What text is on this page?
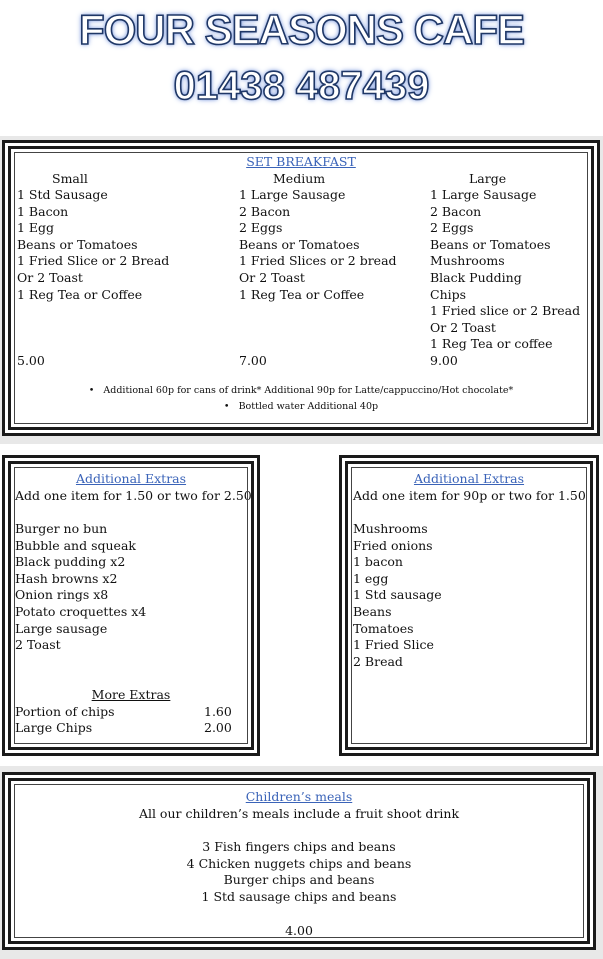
FOUR SEASONS CAFE
01438 487439
SET BREAKFAST
Small
1 Std Sausage
1 Bacon
1 Egg
Beans or Tomatoes
1 Fried Slice or 2 Bread
Or 2 Toast
1 Reg Tea or Coffee
5.00
Medium
1 Large Sausage
2 Bacon
2 Eggs
Beans or Tomatoes
1 Fried Slices or 2 bread
Or 2 Toast
1 Reg Tea or Coffee
7.00
Large
1 Large Sausage
2 Bacon
2 Eggs
Beans or Tomatoes
Mushrooms
Black Pudding
Chips
1 Fried slice or 2 Bread
Or 2 Toast
1 Reg Tea or coffee
9.00
•   Additional 60p for cans of drink* Additional 90p for Latte/cappuccino/Hot chocolate*
•   Bottled water Additional 40p
Additional Extras
Add one item for 1.50 or two for 2.50
Burger no bun
Bubble and squeak
Black pudding x2
Hash browns x2
Onion rings x8
Potato croquettes x4
Large sausage
2 Toast
More Extras
Portion of chips	1.60
Large Chips	2.00
Additional Extras
Add one item for 90p or two for 1.50
Mushrooms
Fried onions
1 bacon
1 egg
1 Std sausage
Beans
Tomatoes
1 Fried Slice
2 Bread
Children’s meals
All our children’s meals include a fruit shoot drink
3 Fish fingers chips and beans
4 Chicken nuggets chips and beans
Burger chips and beans
1 Std sausage chips and beans
4.00
